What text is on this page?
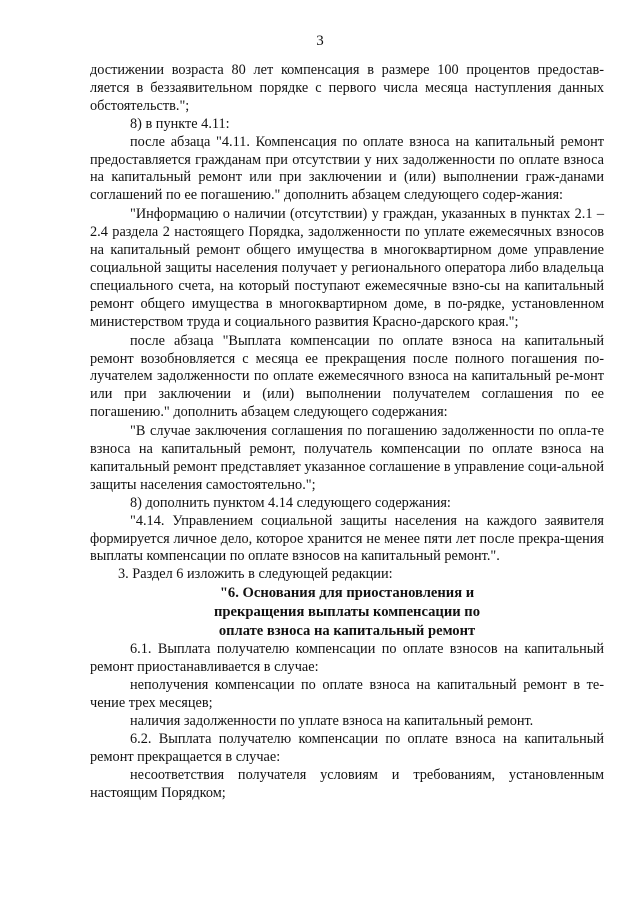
3

достижении возраста 80 лет компенсация в размере 100 процентов предостав-ляется в беззаявительном порядке с первого числа месяца наступления данных обстоятельств.";

8) в пункте 4.11:

после абзаца "4.11. Компенсация по оплате взноса на капитальный ремонт предоставляется гражданам при отсутствии у них задолженности по оплате взноса на капитальный ремонт или при заключении и (или) выполнении граж-данами соглашений по ее погашению." дополнить абзацем следующего содер-жания:

"Информацию о наличии (отсутствии) у граждан, указанных в пунктах 2.1 – 2.4 раздела 2 настоящего Порядка, задолженности по уплате ежемесячных взносов на капитальный ремонт общего имущества в многоквартирном доме управление социальной защиты населения получает у регионального оператора либо владельца специального счета, на который поступают ежемесячные взно-сы на капитальный ремонт общего имущества в многоквартирном доме, в по-рядке, установленном министерством труда и социального развития Красно-дарского края.";

после абзаца "Выплата компенсации по оплате взноса на капитальный ремонт возобновляется с месяца ее прекращения после полного погашения по-лучателем задолженности по оплате ежемесячного взноса на капитальный ре-монт или при заключении и (или) выполнении получателем соглашения по ее погашению." дополнить абзацем следующего содержания:

"В случае заключения соглашения по погашению задолженности по опла-те взноса на капитальный ремонт, получатель компенсации по оплате взноса на капитальный ремонт представляет указанное соглашение в управление соци-альной защиты населения самостоятельно.";

8) дополнить пунктом 4.14 следующего содержания:

"4.14. Управлением социальной защиты населения на каждого заявителя формируется личное дело, которое хранится не менее пяти лет после прекра-щения выплаты компенсации по оплате взносов на капитальный ремонт.".

3. Раздел 6 изложить в следующей редакции:

"6. Основания для приостановления и
прекращения выплаты компенсации по
оплате взноса на капитальный ремонт

6.1. Выплата получателю компенсации по оплате взносов на капитальный ремонт приостанавливается в случае:

неполучения компенсации по оплате взноса на капитальный ремонт в те-чение трех месяцев;

наличия задолженности по уплате взноса на капитальный ремонт.

6.2. Выплата получателю компенсации по оплате взноса на капитальный ремонт прекращается в случае:

несоответствия получателя условиям и требованиям, установленным настоящим Порядком;
